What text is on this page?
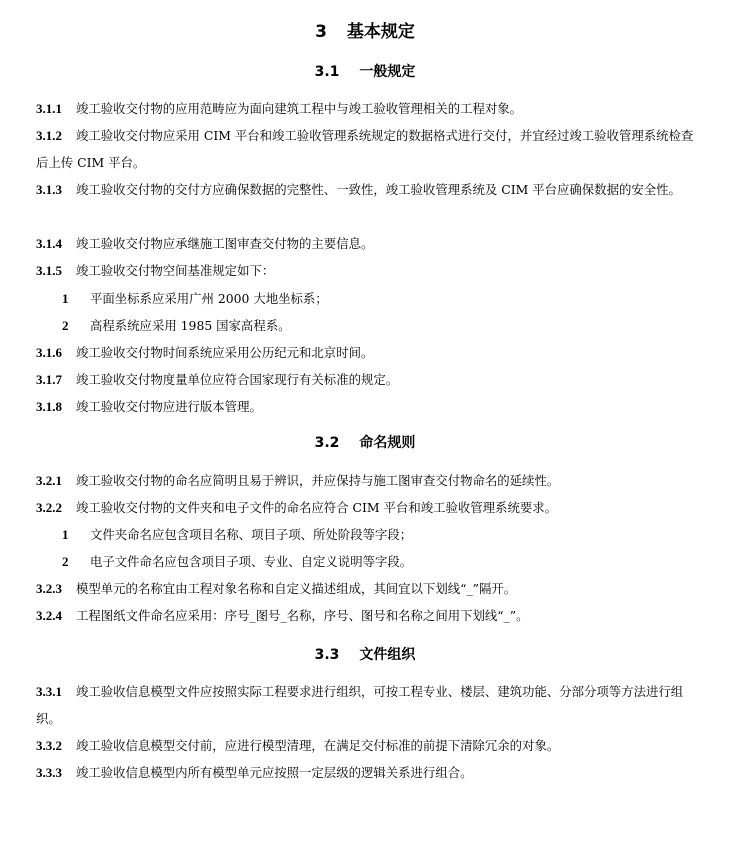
3 基本规定
3.1 一般规定
3.1.1 竣工验收交付物的应用范畴应为面向建筑工程中与竣工验收管理相关的工程对象。
3.1.2 竣工验收交付物应采用 CIM 平台和竣工验收管理系统规定的数据格式进行交付，并宜经过竣工验收管理系统检查后上传 CIM 平台。
3.1.3 竣工验收交付物的交付方应确保数据的完整性、一致性，竣工验收管理系统及 CIM 平台应确保数据的安全性。
3.1.4 竣工验收交付物应承继施工图审查交付物的主要信息。
3.1.5 竣工验收交付物空间基准规定如下：
1 平面坐标系应采用广州 2000 大地坐标系；
2 高程系统应采用 1985 国家高程系。
3.1.6 竣工验收交付物时间系统应采用公历纪元和北京时间。
3.1.7 竣工验收交付物度量单位应符合国家现行有关标准的规定。
3.1.8 竣工验收交付物应进行版本管理。
3.2 命名规则
3.2.1 竣工验收交付物的命名应简明且易于辨识，并应保持与施工图审查交付物命名的延续性。
3.2.2 竣工验收交付物的文件夹和电子文件的命名应符合 CIM 平台和竣工验收管理系统要求。
1 文件夹命名应包含项目名称、项目子项、所处阶段等字段；
2 电子文件命名应包含项目子项、专业、自定义说明等字段。
3.2.3 模型单元的名称宜由工程对象名称和自定义描述组成，其间宜以下划线“_”隔开。
3.2.4 工程图纸文件命名应采用：序号_图号_名称，序号、图号和名称之间用下划线“_”。
3.3 文件组织
3.3.1 竣工验收信息模型文件应按照实际工程要求进行组织，可按工程专业、楼层、建筑功能、分部分项等方法进行组织。
3.3.2 竣工验收信息模型交付前，应进行模型清理，在满足交付标准的前提下清除冗余的对象。
3.3.3 竣工验收信息模型内所有模型单元应按照一定层级的逻辑关系进行组合。
